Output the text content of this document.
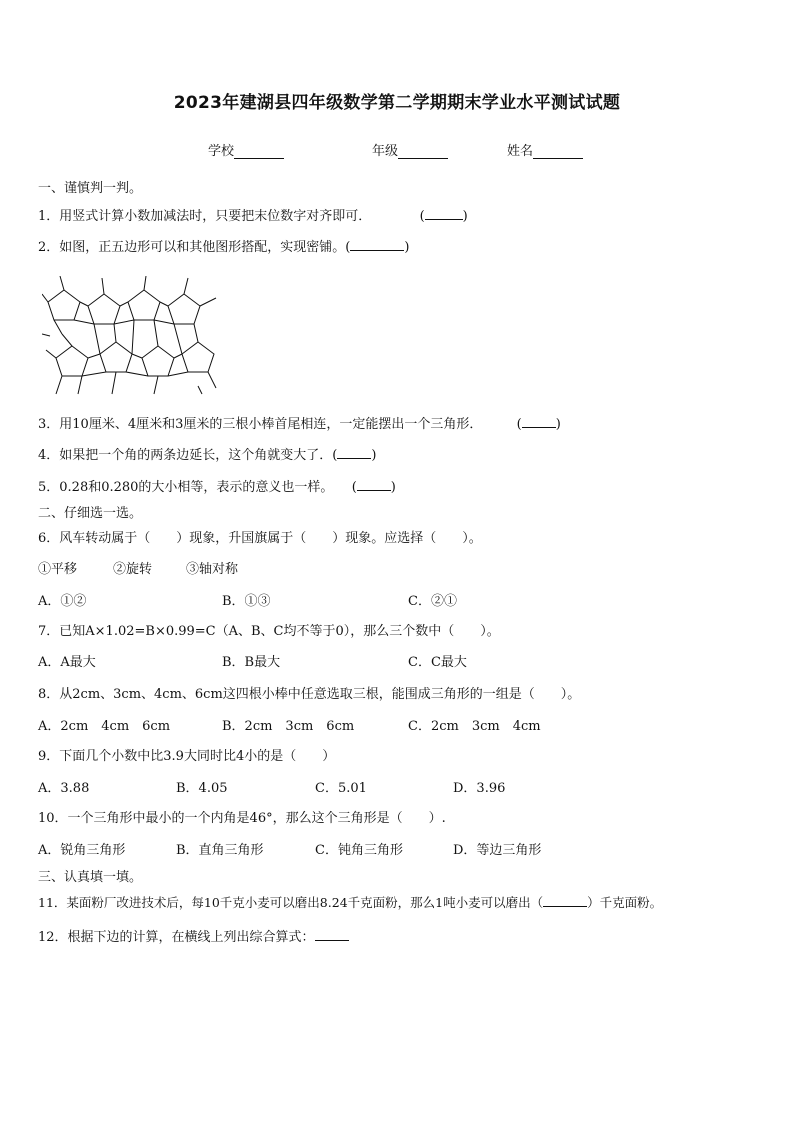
2023年建湖县四年级数学第二学期期末学业水平测试试题
学校	年级	姓名
一、谨慎判一判。
1．用竖式计算小数加减法时，只要把末位数字对齐即可．	(	)
2．如图，正五边形可以和其他图形搭配，实现密铺。(	)
3．用10厘米、4厘米和3厘米的三根小棒首尾相连，一定能摆出一个三角形．	(	)
4．如果把一个角的两条边延长，这个角就变大了．(	)
5．0.28和0.280的大小相等，表示的意义也一样。 (	)
二、仔细选一选。
6．风车转动属于（　　）现象，升国旗属于（　　）现象。应选择（　　）。
①平移	②旋转	③轴对称
A．①②	B．①③	C．②①
7．已知A×1.02=B×0.99=C（A、B、C均不等于0），那么三个数中（　　）。
A．A最大	B．B最大	C．C最大
8．从2cm、3cm、4cm、6cm这四根小棒中任意选取三根，能围成三角形的一组是（　　）。
A．2cm　4cm　6cm	B．2cm　3cm　6cm	C．2cm　3cm　4cm
9．下面几个小数中比3.9大同时比4小的是（　　）
A．3.88	B．4.05	C．5.01	D．3.96
10．一个三角形中最小的一个内角是46°，那么这个三角形是（　　）.
A．锐角三角形	B．直角三角形	C．钝角三角形	D．等边三角形
三、认真填一填。
11．某面粉厂改进技术后，每10千克小麦可以磨出8.24千克面粉，那么1吨小麦可以磨出（	）千克面粉。
12．根据下边的计算，在横线上列出综合算式：
